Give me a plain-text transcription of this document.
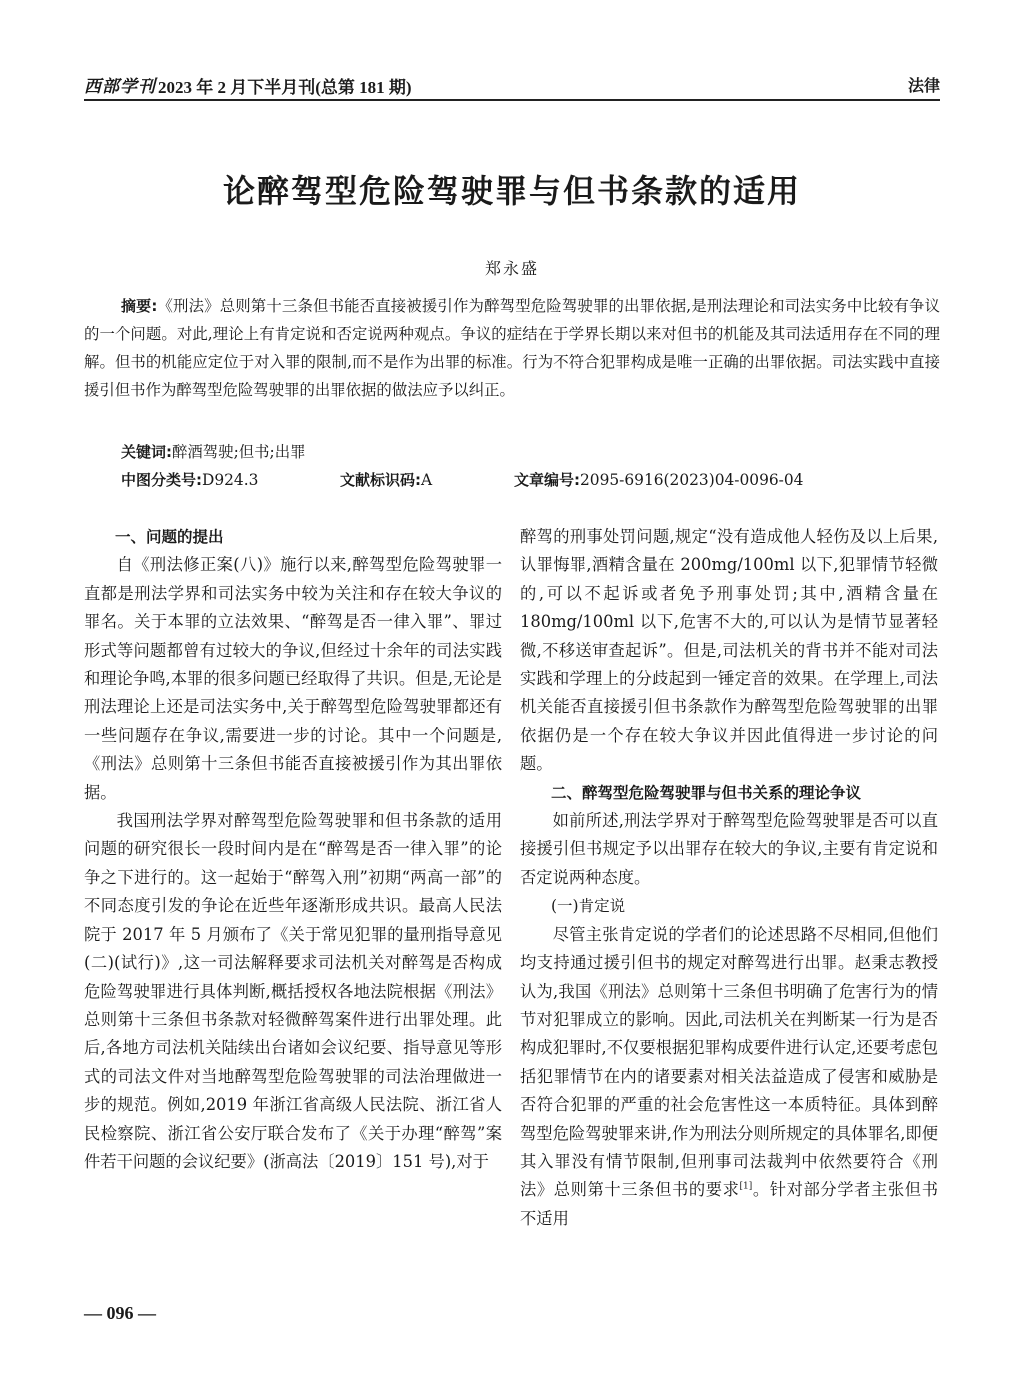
西部学刊 2023 年 2 月下半月刊(总第 181 期)	法律
论醉驾型危险驾驶罪与但书条款的适用
郑永盛
摘要:《刑法》总则第十三条但书能否直接被援引作为醉驾型危险驾驶罪的出罪依据,是刑法理论和司法实务中比较有争议的一个问题。对此,理论上有肯定说和否定说两种观点。争议的症结在于学界长期以来对但书的机能及其司法适用存在不同的理解。但书的机能应定位于对入罪的限制,而不是作为出罪的标准。行为不符合犯罪构成是唯一正确的出罪依据。司法实践中直接援引但书作为醉驾型危险驾驶罪的出罪依据的做法应予以纠正。
关键词:醉酒驾驶;但书;出罪
中图分类号:D924.3	文献标识码:A	文章编号:2095-6916(2023)04-0096-04

一、问题的提出

自《刑法修正案(八)》施行以来,醉驾型危险驾驶罪一直都是刑法学界和司法实务中较为关注和存在较大争议的罪名。关于本罪的立法效果、“醉驾是否一律入罪”、罪过形式等问题都曾有过较大的争议,但经过十余年的司法实践和理论争鸣,本罪的很多问题已经取得了共识。但是,无论是刑法理论上还是司法实务中,关于醉驾型危险驾驶罪都还有一些问题存在争议,需要进一步的讨论。其中一个问题是,《刑法》总则第十三条但书能否直接被援引作为其出罪依据。

我国刑法学界对醉驾型危险驾驶罪和但书条款的适用问题的研究很长一段时间内是在“醉驾是否一律入罪”的论争之下进行的。这一起始于“醉驾入刑”初期“两高一部”的不同态度引发的争论在近些年逐渐形成共识。最高人民法院于 2017 年 5 月颁布了《关于常见犯罪的量刑指导意见(二)(试行)》,这一司法解释要求司法机关对醉驾是否构成危险驾驶罪进行具体判断,概括授权各地法院根据《刑法》总则第十三条但书条款对轻微醉驾案件进行出罪处理。此后,各地方司法机关陆续出台诸如会议纪要、指导意见等形式的司法文件对当地醉驾型危险驾驶罪的司法治理做进一步的规范。例如,2019 年浙江省高级人民法院、浙江省人民检察院、浙江省公安厅联合发布了《关于办理“醉驾”案件若干问题的会议纪要》(浙高法〔2019〕151 号),对于

醉驾的刑事处罚问题,规定“没有造成他人轻伤及以上后果,认罪悔罪,酒精含量在 200mg/100ml 以下,犯罪情节轻微的,可以不起诉或者免予刑事处罚;其中,酒精含量在 180mg/100ml 以下,危害不大的,可以认为是情节显著轻微,不移送审查起诉”。但是,司法机关的背书并不能对司法实践和学理上的分歧起到一锤定音的效果。在学理上,司法机关能否直接援引但书条款作为醉驾型危险驾驶罪的出罪依据仍是一个存在较大争议并因此值得进一步讨论的问题。

二、醉驾型危险驾驶罪与但书关系的理论争议

如前所述,刑法学界对于醉驾型危险驾驶罪是否可以直接援引但书规定予以出罪存在较大的争议,主要有肯定说和否定说两种态度。

(一)肯定说

尽管主张肯定说的学者们的论述思路不尽相同,但他们均支持通过援引但书的规定对醉驾进行出罪。赵秉志教授认为,我国《刑法》总则第十三条但书明确了危害行为的情节对犯罪成立的影响。因此,司法机关在判断某一行为是否构成犯罪时,不仅要根据犯罪构成要件进行认定,还要考虑包括犯罪情节在内的诸要素对相关法益造成了侵害和威胁是否符合犯罪的严重的社会危害性这一本质特征。具体到醉驾型危险驾驶罪来讲,作为刑法分则所规定的具体罪名,即便其入罪没有情节限制,但刑事司法裁判中依然要符合《刑法》总则第十三条但书的要求[1]。针对部分学者主张但书不适用

— 096 —
